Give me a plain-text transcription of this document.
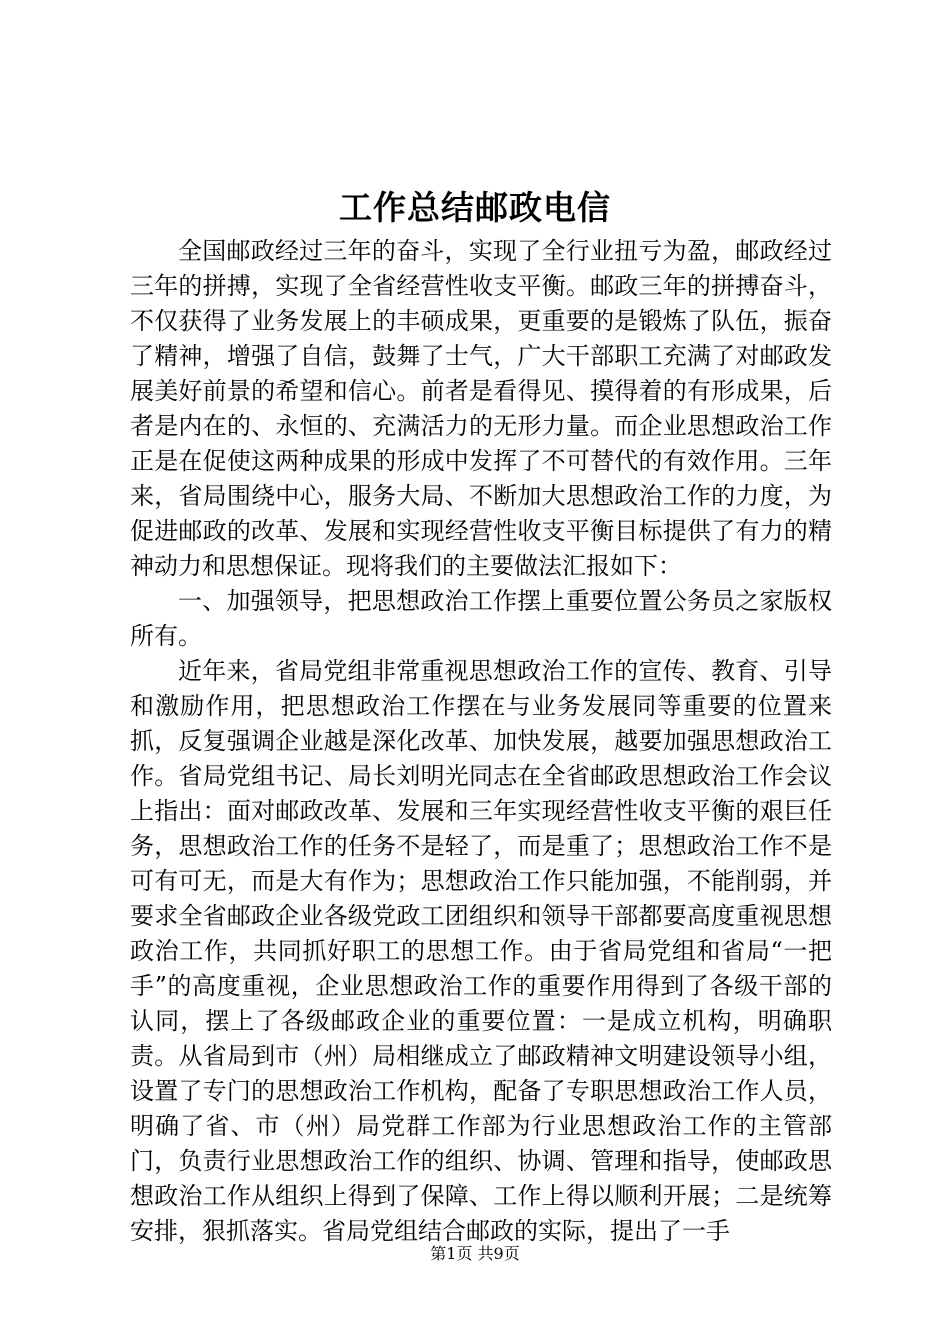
工作总结邮政电信

全国邮政经过三年的奋斗，实现了全行业扭亏为盈，邮政经过三年的拼搏，实现了全省经营性收支平衡。邮政三年的拼搏奋斗，不仅获得了业务发展上的丰硕成果，更重要的是锻炼了队伍，振奋了精神，增强了自信，鼓舞了士气，广大干部职工充满了对邮政发展美好前景的希望和信心。前者是看得见、摸得着的有形成果，后者是内在的、永恒的、充满活力的无形力量。而企业思想政治工作正是在促使这两种成果的形成中发挥了不可替代的有效作用。三年来，省局围绕中心，服务大局、不断加大思想政治工作的力度，为促进邮政的改革、发展和实现经营性收支平衡目标提供了有力的精神动力和思想保证。现将我们的主要做法汇报如下：

一、加强领导，把思想政治工作摆上重要位置公务员之家版权所有。

近年来，省局党组非常重视思想政治工作的宣传、教育、引导和激励作用，把思想政治工作摆在与业务发展同等重要的位置来抓，反复强调企业越是深化改革、加快发展，越要加强思想政治工作。省局党组书记、局长刘明光同志在全省邮政思想政治工作会议上指出：面对邮政改革、发展和三年实现经营性收支平衡的艰巨任务，思想政治工作的任务不是轻了，而是重了；思想政治工作不是可有可无，而是大有作为；思想政治工作只能加强，不能削弱，并要求全省邮政企业各级党政工团组织和领导干部都要高度重视思想政治工作，共同抓好职工的思想工作。由于省局党组和省局“一把手”的高度重视，企业思想政治工作的重要作用得到了各级干部的认同，摆上了各级邮政企业的重要位置：一是成立机构，明确职责。从省局到市（州）局相继成立了邮政精神文明建设领导小组，设置了专门的思想政治工作机构，配备了专职思想政治工作人员，明确了省、市（州）局党群工作部为行业思想政治工作的主管部门，负责行业思想政治工作的组织、协调、管理和指导，使邮政思想政治工作从组织上得到了保障、工作上得以顺利开展；二是统筹安排，狠抓落实。省局党组结合邮政的实际，提出了一手

第1页 共9页
